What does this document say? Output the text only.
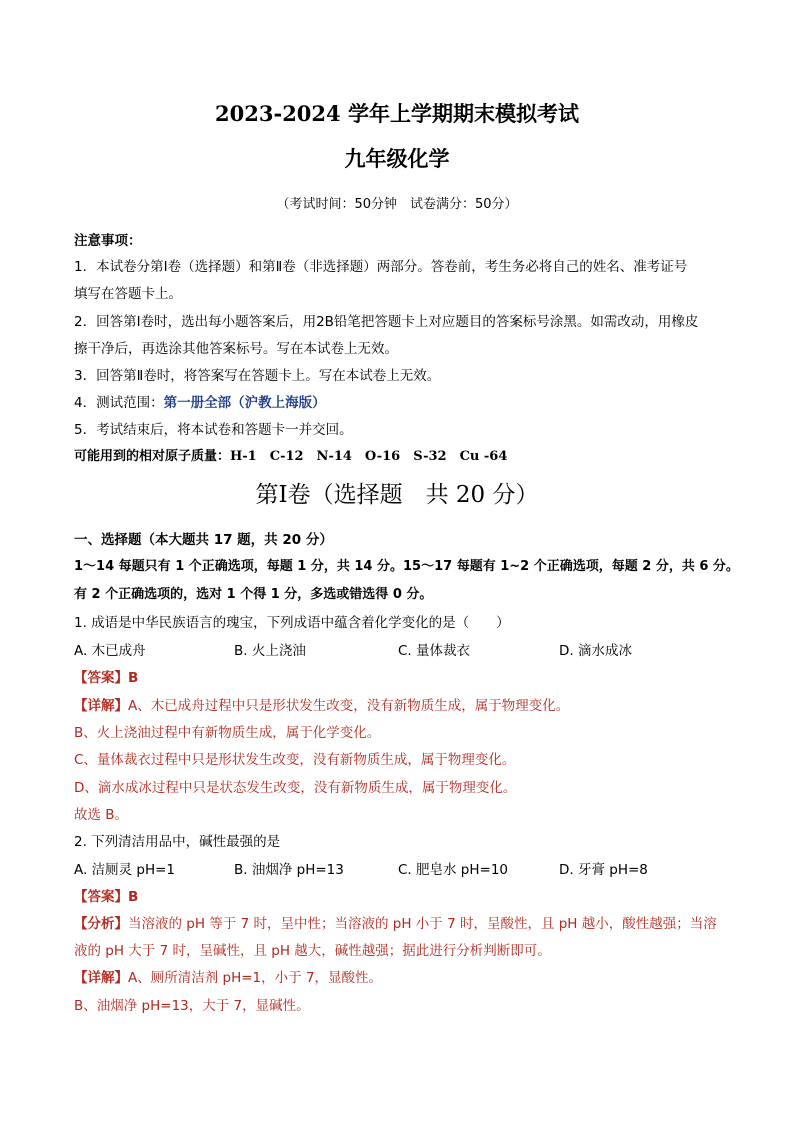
2023-2024 学年上学期期末模拟考试
九年级化学
（考试时间：50分钟　试卷满分：50分）
注意事项：
1．本试卷分第Ⅰ卷（选择题）和第Ⅱ卷（非选择题）两部分。答卷前，考生务必将自己的姓名、准考证号
填写在答题卡上。
2．回答第Ⅰ卷时，选出每小题答案后，用2B铅笔把答题卡上对应题目的答案标号涂黑。如需改动，用橡皮
擦干净后，再选涂其他答案标号。写在本试卷上无效。
3．回答第Ⅱ卷时，将答案写在答题卡上。写在本试卷上无效。
4．测试范围：第一册全部（沪教上海版）
5．考试结束后，将本试卷和答题卡一并交回。
可能用到的相对原子质量：H-1　C-12　N-14　O-16　S-32　Cu -64
第Ⅰ卷（选择题　共 20 分）
一、选择题（本大题共 17 题，共 20 分）
1～14 每题只有 1 个正确选项，每题 1 分，共 14 分。15～17 每题有 1~2 个正确选项，每题 2 分，共 6 分。
有 2 个正确选项的，选对 1 个得 1 分，多选或错选得 0 分。
1. 成语是中华民族语言的瑰宝，下列成语中蕴含着化学变化的是（　　）
A. 木已成舟	B. 火上浇油	C. 量体裁衣	D. 滴水成冰
【答案】B
【详解】A、木已成舟过程中只是形状发生改变，没有新物质生成，属于物理变化。
B、火上浇油过程中有新物质生成，属于化学变化。
C、量体裁衣过程中只是形状发生改变，没有新物质生成，属于物理变化。
D、滴水成冰过程中只是状态发生改变，没有新物质生成，属于物理变化。
故选 B。
2. 下列清洁用品中，碱性最强的是
A. 洁厕灵 pH=1	B. 油烟净 pH=13	C. 肥皂水 pH=10	D. 牙膏 pH=8
【答案】B
【分析】当溶液的 pH 等于 7 时，呈中性；当溶液的 pH 小于 7 时，呈酸性，且 pH 越小，酸性越强；当溶
液的 pH 大于 7 时，呈碱性，且 pH 越大，碱性越强；据此进行分析判断即可。
【详解】A、厕所清洁剂 pH=1，小于 7，显酸性。
B、油烟净 pH=13，大于 7，显碱性。
